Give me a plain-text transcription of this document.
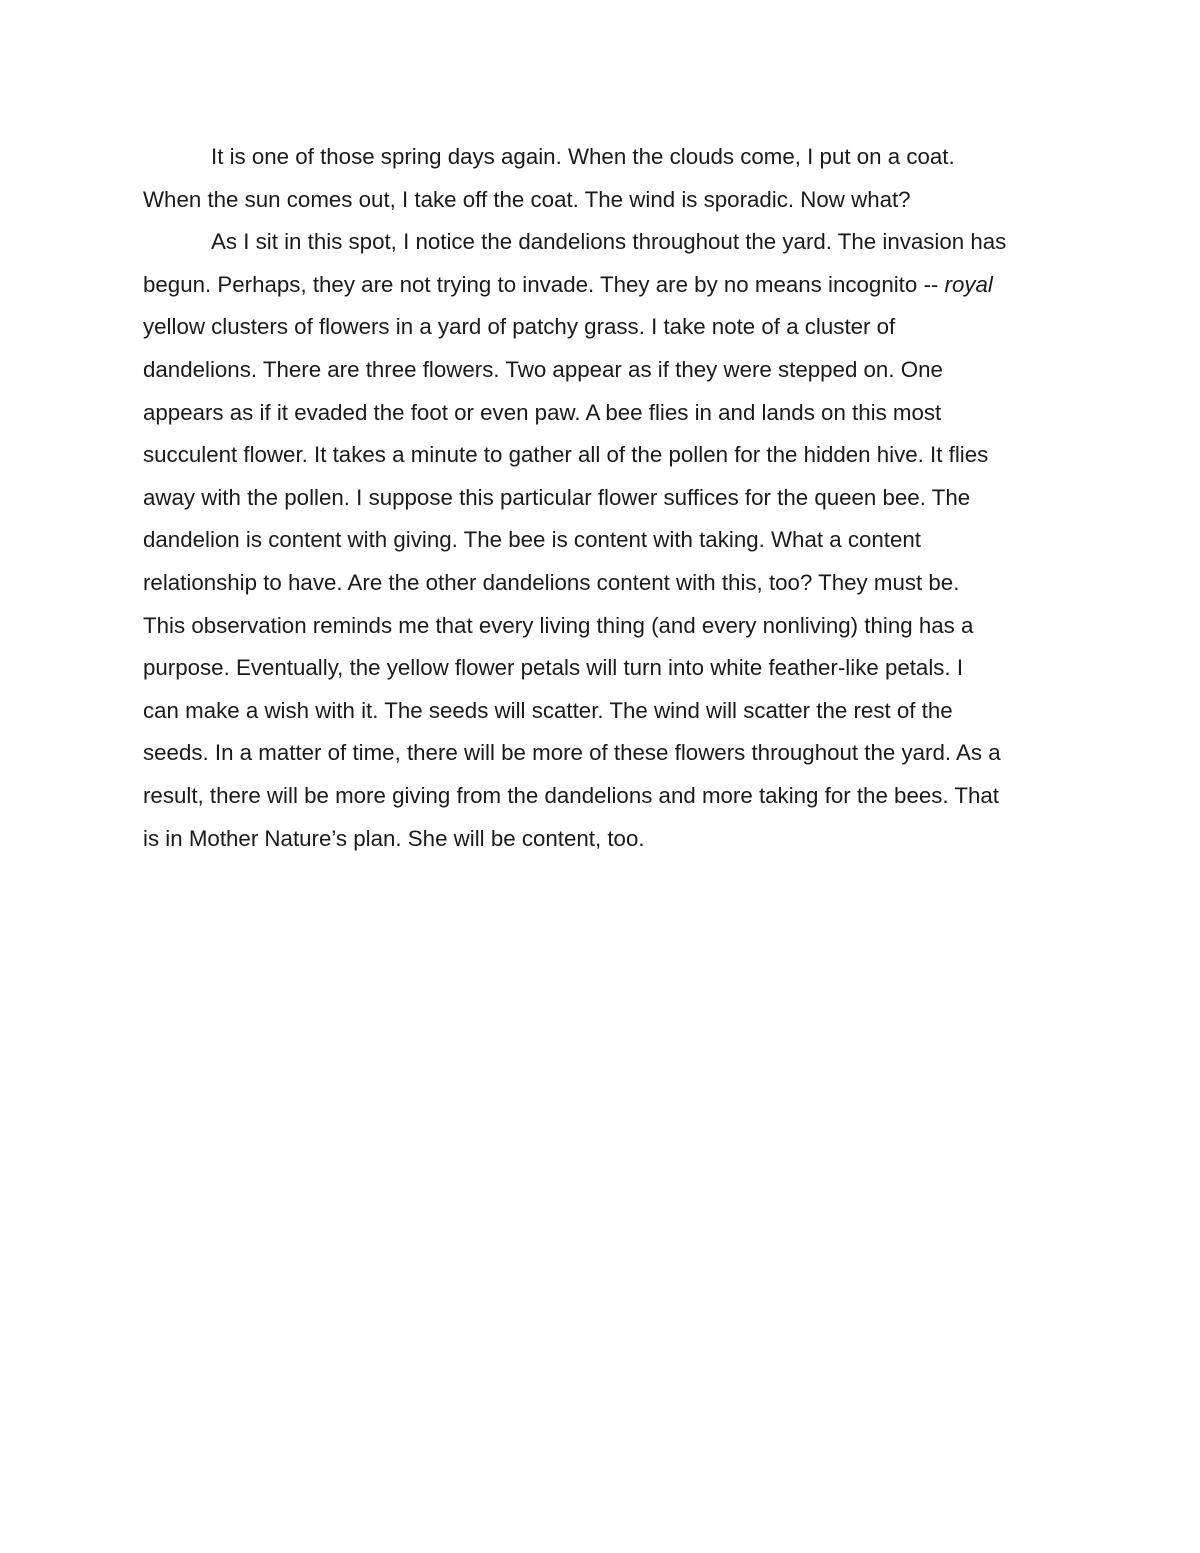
It is one of those spring days again. When the clouds come, I put on a coat.
When the sun comes out, I take off the coat. The wind is sporadic. Now what?
As I sit in this spot, I notice the dandelions throughout the yard. The invasion has
begun. Perhaps, they are not trying to invade. They are by no means incognito -- royal
yellow clusters of flowers in a yard of patchy grass. I take note of a cluster of
dandelions. There are three flowers. Two appear as if they were stepped on. One
appears as if it evaded the foot or even paw. A bee flies in and lands on this most
succulent flower. It takes a minute to gather all of the pollen for the hidden hive. It flies
away with the pollen. I suppose this particular flower suffices for the queen bee. The
dandelion is content with giving. The bee is content with taking. What a content
relationship to have. Are the other dandelions content with this, too? They must be.
This observation reminds me that every living thing (and every nonliving) thing has a
purpose. Eventually, the yellow flower petals will turn into white feather-like petals. I
can make a wish with it. The seeds will scatter. The wind will scatter the rest of the
seeds. In a matter of time, there will be more of these flowers throughout the yard. As a
result, there will be more giving from the dandelions and more taking for the bees. That
is in Mother Nature’s plan. She will be content, too.
